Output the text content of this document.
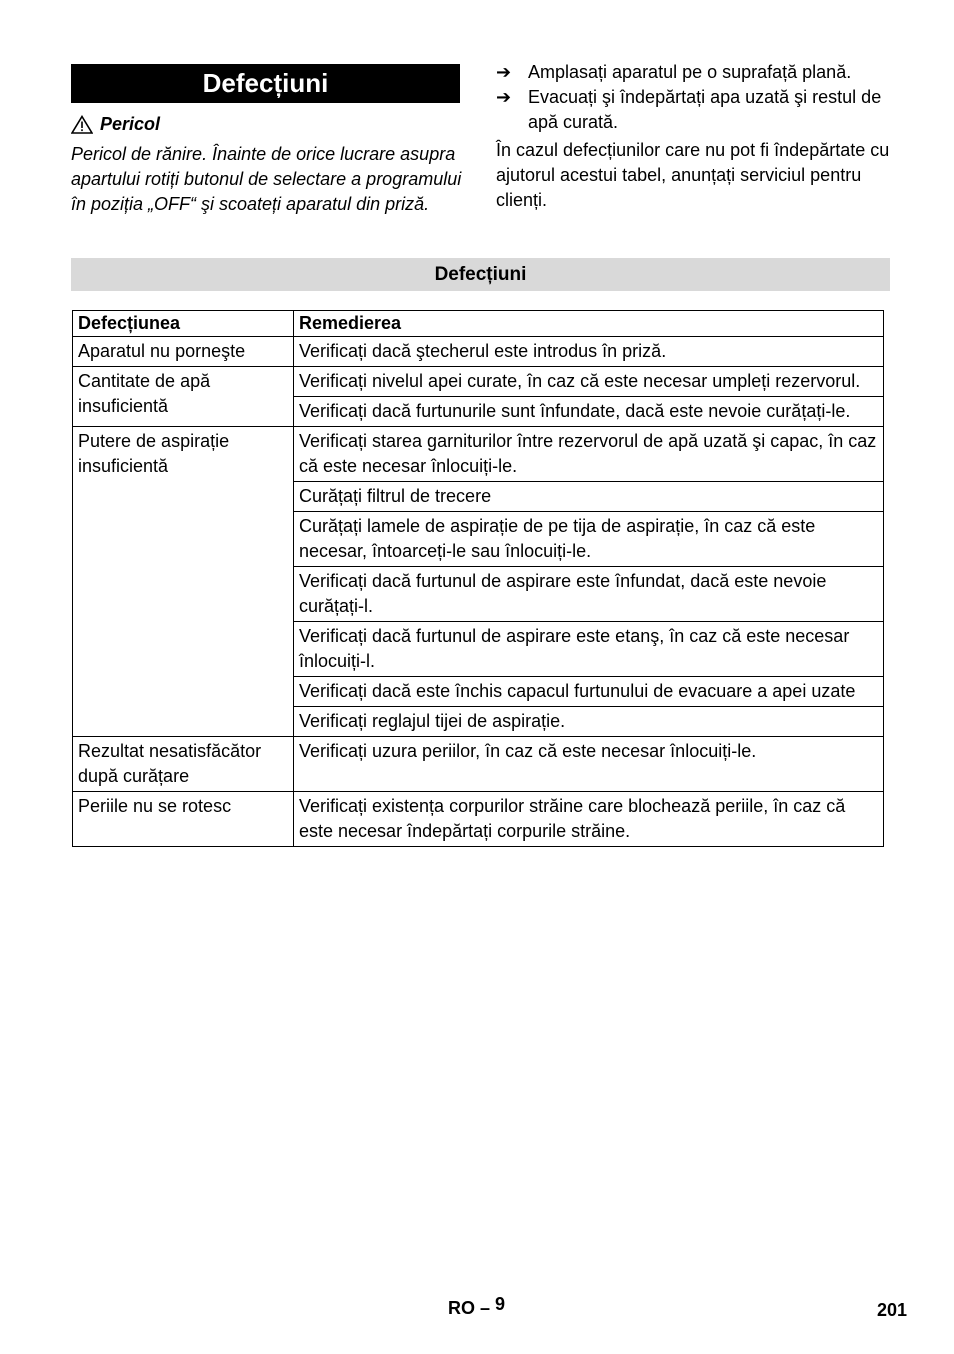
Defecțiuni
Pericol
Pericol de rănire. Înainte de orice lucrare asupra apartului rotiți butonul de selectare a programului în poziția „OFF“ şi scoateți aparatul din priză.
➔ Amplasați aparatul pe o suprafață plană.
➔ Evacuați şi îndepărtați apa uzată şi restul de apă curată.
În cazul defecțiunilor care nu pot fi îndepărtate cu ajutorul acestui tabel, anunțați serviciul pentru clienți.
Defecțiuni
Defecțiunea	Remedierea
Aparatul nu porneşte	Verificați dacă ştecherul este introdus în priză.
Cantitate de apă insuficientă	Verificați nivelul apei curate, în caz că este necesar umpleți rezervorul.
	Verificați dacă furtunurile sunt înfundate, dacă este nevoie curățați-le.
Putere de aspirație insuficientă	Verificați starea garniturilor între rezervorul de apă uzată şi capac, în caz că este necesar înlocuiți-le.
	Curățați filtrul de trecere
	Curățați lamele de aspirație de pe tija de aspirație, în caz că este necesar, întoarceți-le sau înlocuiți-le.
	Verificați dacă furtunul de aspirare este înfundat, dacă este nevoie curățați-l.
	Verificați dacă furtunul de aspirare este etanş, în caz că este necesar înlocuiți-l.
	Verificați dacă este închis capacul furtunului de evacuare a apei uzate
	Verificați reglajul tijei de aspirație.
Rezultat nesatisfăcător după curățare	Verificați uzura periilor, în caz că este necesar înlocuiți-le.
Periile nu se rotesc	Verificați existența corpurilor străine care blochează periile, în caz că este necesar îndepărtați corpurile străine.
RO – 9	201
